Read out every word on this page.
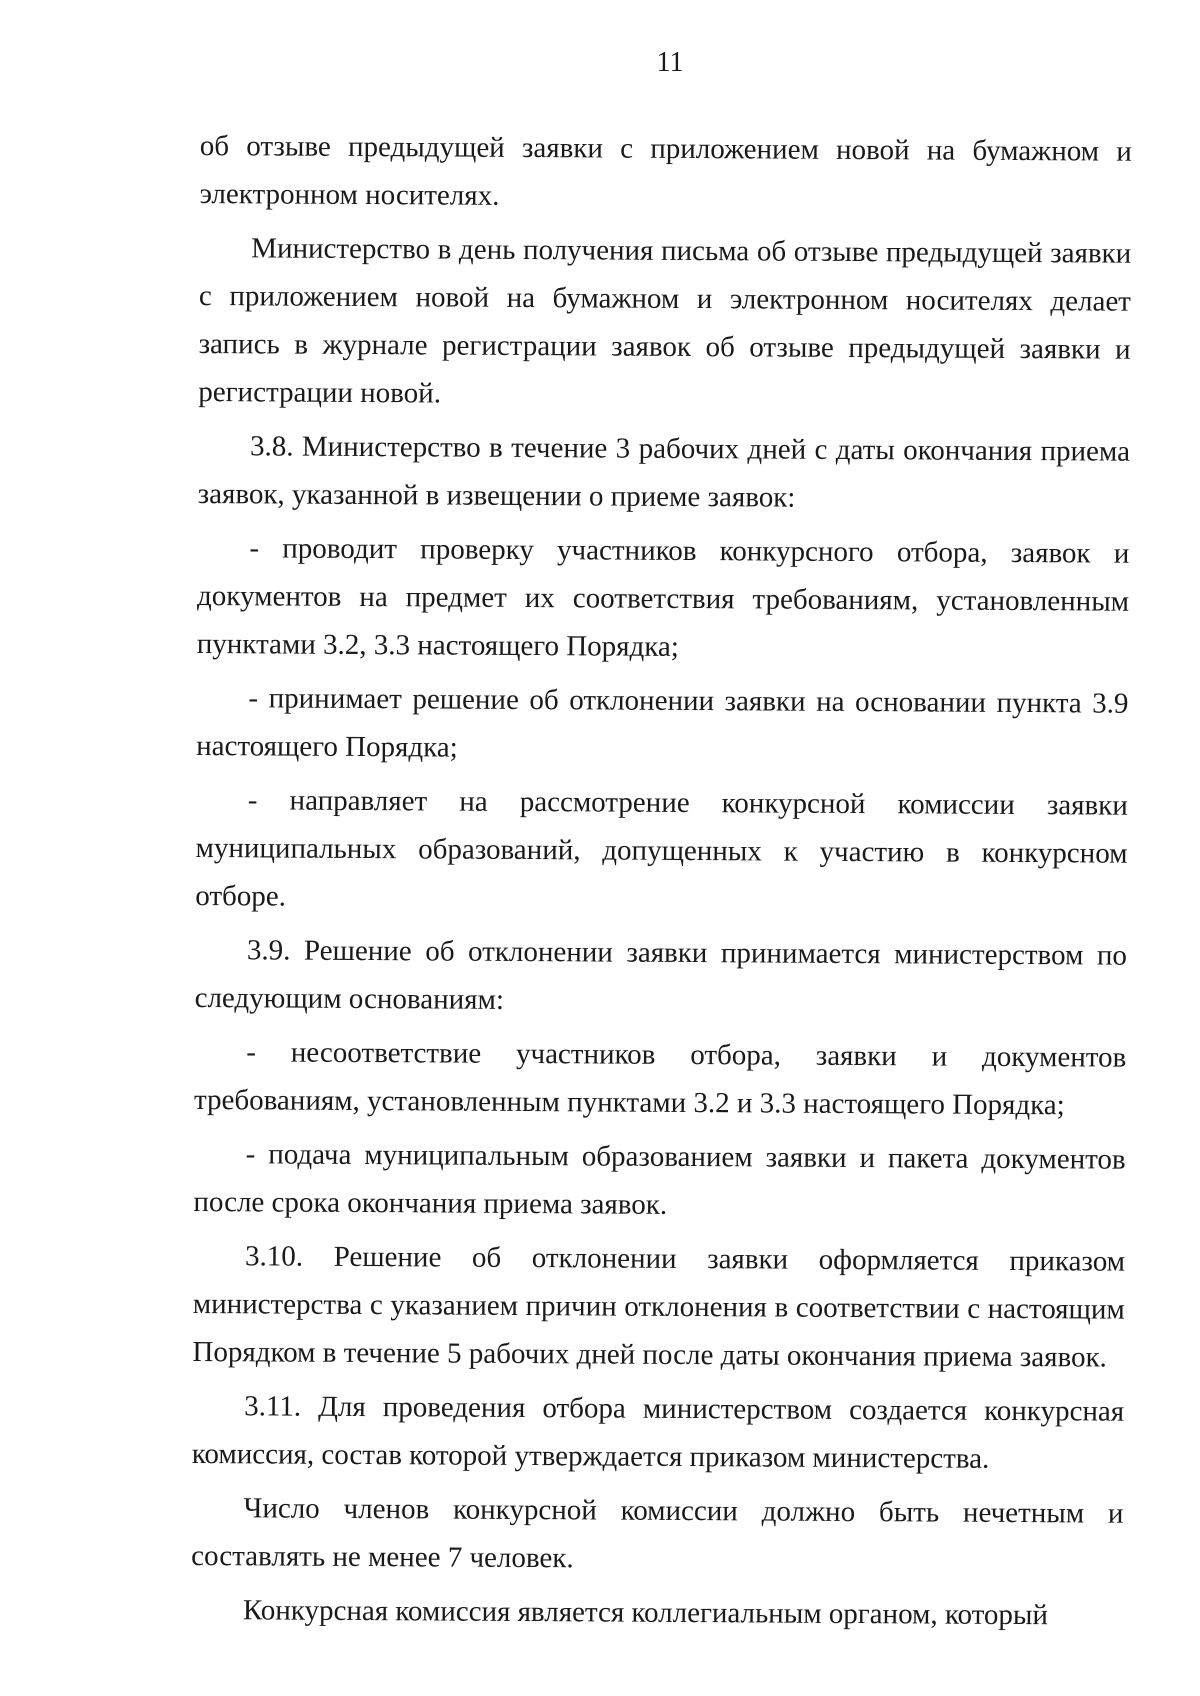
11

об отзыве предыдущей заявки с приложением новой на бумажном и электронном носителях.

Министерство в день получения письма об отзыве предыдущей заявки с приложением новой на бумажном и электронном носителях делает запись в журнале регистрации заявок об отзыве предыдущей заявки и регистрации новой.

3.8. Министерство в течение 3 рабочих дней с даты окончания приема заявок, указанной в извещении о приеме заявок:

- проводит проверку участников конкурсного отбора, заявок и документов на предмет их соответствия требованиям, установленным пунктами 3.2, 3.3 настоящего Порядка;

- принимает решение об отклонении заявки на основании пункта 3.9 настоящего Порядка;

- направляет на рассмотрение конкурсной комиссии заявки муниципальных образований, допущенных к участию в конкурсном отборе.

3.9. Решение об отклонении заявки принимается министерством по следующим основаниям:

- несоответствие участников отбора, заявки и документов требованиям, установленным пунктами 3.2 и 3.3 настоящего Порядка;

- подача муниципальным образованием заявки и пакета документов после срока окончания приема заявок.

3.10. Решение об отклонении заявки оформляется приказом министерства с указанием причин отклонения в соответствии с настоящим Порядком в течение 5 рабочих дней после даты окончания приема заявок.

3.11. Для проведения отбора министерством создается конкурсная комиссия, состав которой утверждается приказом министерства.

Число членов конкурсной комиссии должно быть нечетным и составлять не менее 7 человек.

Конкурсная комиссия является коллегиальным органом, который
